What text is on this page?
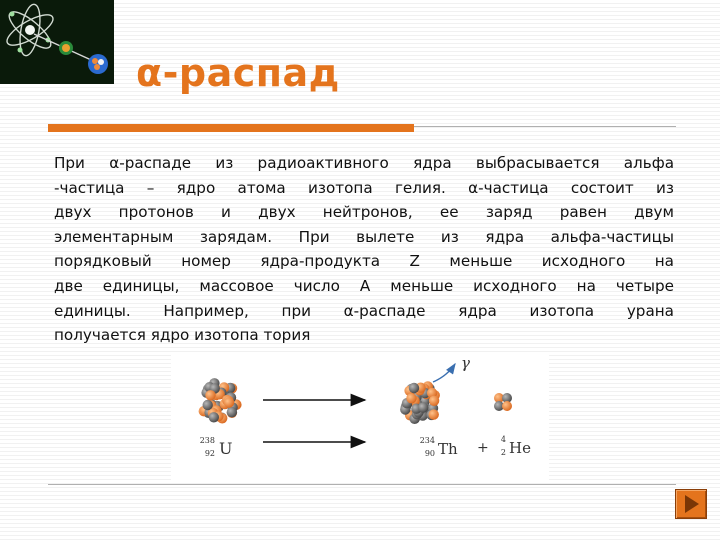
α-распад

При α-распаде из радиоактивного ядра выбрасывается альфа
-частица – ядро атома изотопа гелия. α-частица состоит из
двух протонов и двух нейтронов, ее заряд равен двум
элементарным зарядам. При вылете из ядра альфа-частицы
порядковый номер ядра-продукта Z меньше исходного на
две единицы, массовое число А меньше исходного на четыре
единицы. Например, при α-распаде ядра изотопа урана
получается ядро изотопа тория

γ
238
92 U	234
90 Th +
4
2 He
